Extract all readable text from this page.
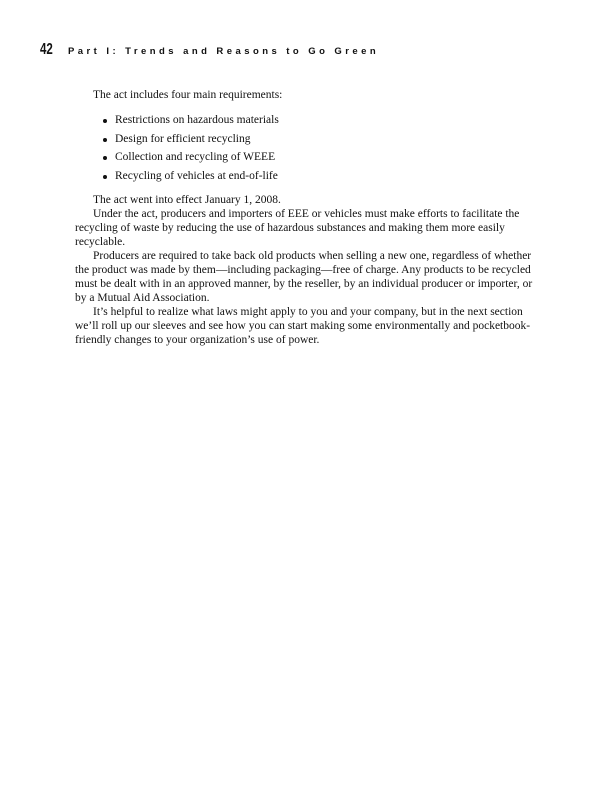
42	Part I: Trends and Reasons to Go Green

The act includes four main requirements:

Restrictions on hazardous materials
Design for efficient recycling
Collection and recycling of WEEE
Recycling of vehicles at end-of-life

The act went into effect January 1, 2008.

Under the act, producers and importers of EEE or vehicles must make efforts to facilitate the recycling of waste by reducing the use of hazardous substances and making them more easily recyclable.

Producers are required to take back old products when selling a new one, regardless of whether the product was made by them—including packaging—free of charge. Any products to be recycled must be dealt with in an approved manner, by the reseller, by an individual producer or importer, or by a Mutual Aid Association.

It’s helpful to realize what laws might apply to you and your company, but in the next section we’ll roll up our sleeves and see how you can start making some environmentally and pocketbook-friendly changes to your organization’s use of power.
